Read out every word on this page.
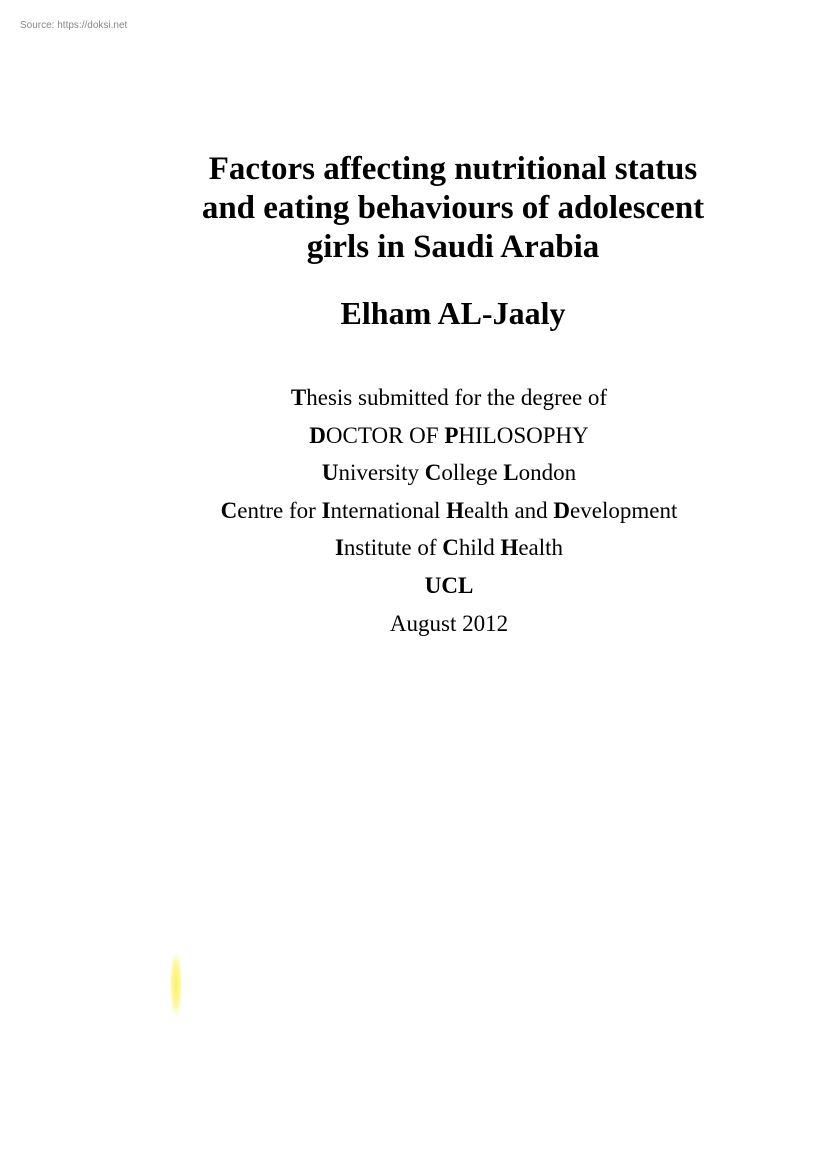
Source: https://doksi.net
Factors affecting nutritional status
and eating behaviours of adolescent
girls in Saudi Arabia
Elham AL-Jaaly
Thesis submitted for the degree of
DOCTOR OF PHILOSOPHY
University College London
Centre for International Health and Development
Institute of Child Health
UCL
August 2012
